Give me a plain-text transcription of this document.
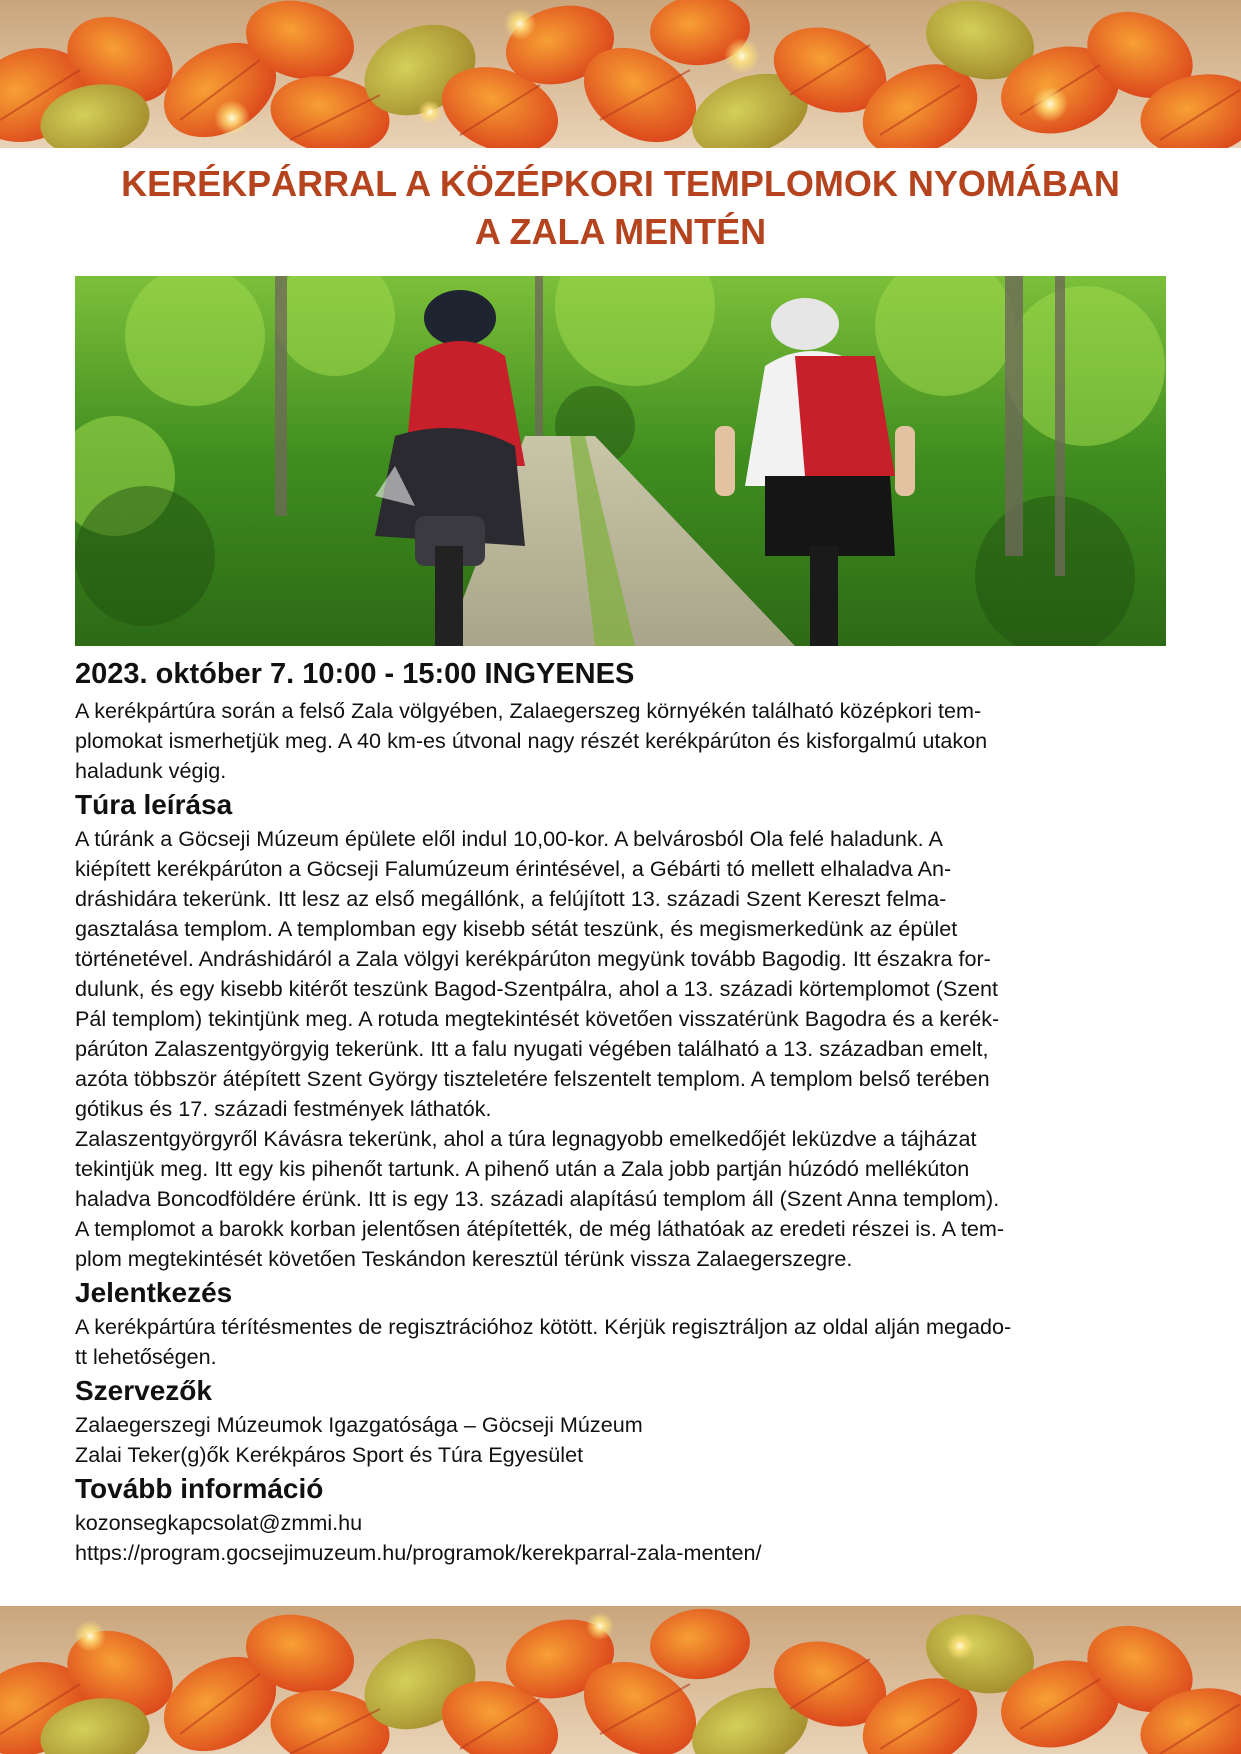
KERÉKPÁRRAL A KÖZÉPKORI TEMPLOMOK NYOMÁBAN
A ZALA MENTÉN
2023. október 7. 10:00 - 15:00 INGYENES

A kerékpártúra során a felső Zala völgyében, Zalaegerszeg környékén található középkori tem-
plomokat ismerhetjük meg. A 40 km-es útvonal nagy részét kerékpárúton és kisforgalmú utakon
haladunk végig.

Túra leírása

A túránk a Göcseji Múzeum épülete elől indul 10,00-kor. A belvárosból Ola felé haladunk. A
kiépített kerékpárúton a Göcseji Falumúzeum érintésével, a Gébárti tó mellett elhaladva An-
dráshidára tekerünk. Itt lesz az első megállónk, a felújított 13. századi Szent Kereszt felma-
gasztalása templom. A templomban egy kisebb sétát teszünk, és megismerkedünk az épület
történetével. Andráshidáról a Zala völgyi kerékpárúton megyünk tovább Bagodig. Itt északra for-
dulunk, és egy kisebb kitérőt teszünk Bagod-Szentpálra, ahol a 13. századi körtemplomot (Szent
Pál templom) tekintjünk meg. A rotuda megtekintését követően visszatérünk Bagodra és a kerék-
párúton Zalaszentgyörgyig tekerünk. Itt a falu nyugati végében található a 13. században emelt,
azóta többször átépített Szent György tiszteletére felszentelt templom. A templom belső terében
gótikus és 17. századi festmények láthatók.
Zalaszentgyörgyről Kávásra tekerünk, ahol a túra legnagyobb emelkedőjét leküzdve a tájházat
tekintjük meg. Itt egy kis pihenőt tartunk. A pihenő után a Zala jobb partján húzódó mellékúton
haladva Boncodföldére érünk. Itt is egy 13. századi alapítású templom áll (Szent Anna templom).
A templomot a barokk korban jelentősen átépítették, de még láthatóak az eredeti részei is. A tem-
plom megtekintését követően Teskándon keresztül térünk vissza Zalaegerszegre.

Jelentkezés

A kerékpártúra térítésmentes de regisztrációhoz kötött. Kérjük regisztráljon az oldal alján megado-
tt lehetőségen.

Szervezők

Zalaegerszegi Múzeumok Igazgatósága – Göcseji Múzeum
Zalai Teker(g)ők Kerékpáros Sport és Túra Egyesület

Tovább információ

kozonsegkapcsolat@zmmi.hu
https://program.gocsejimuzeum.hu/programok/kerekparral-zala-menten/
